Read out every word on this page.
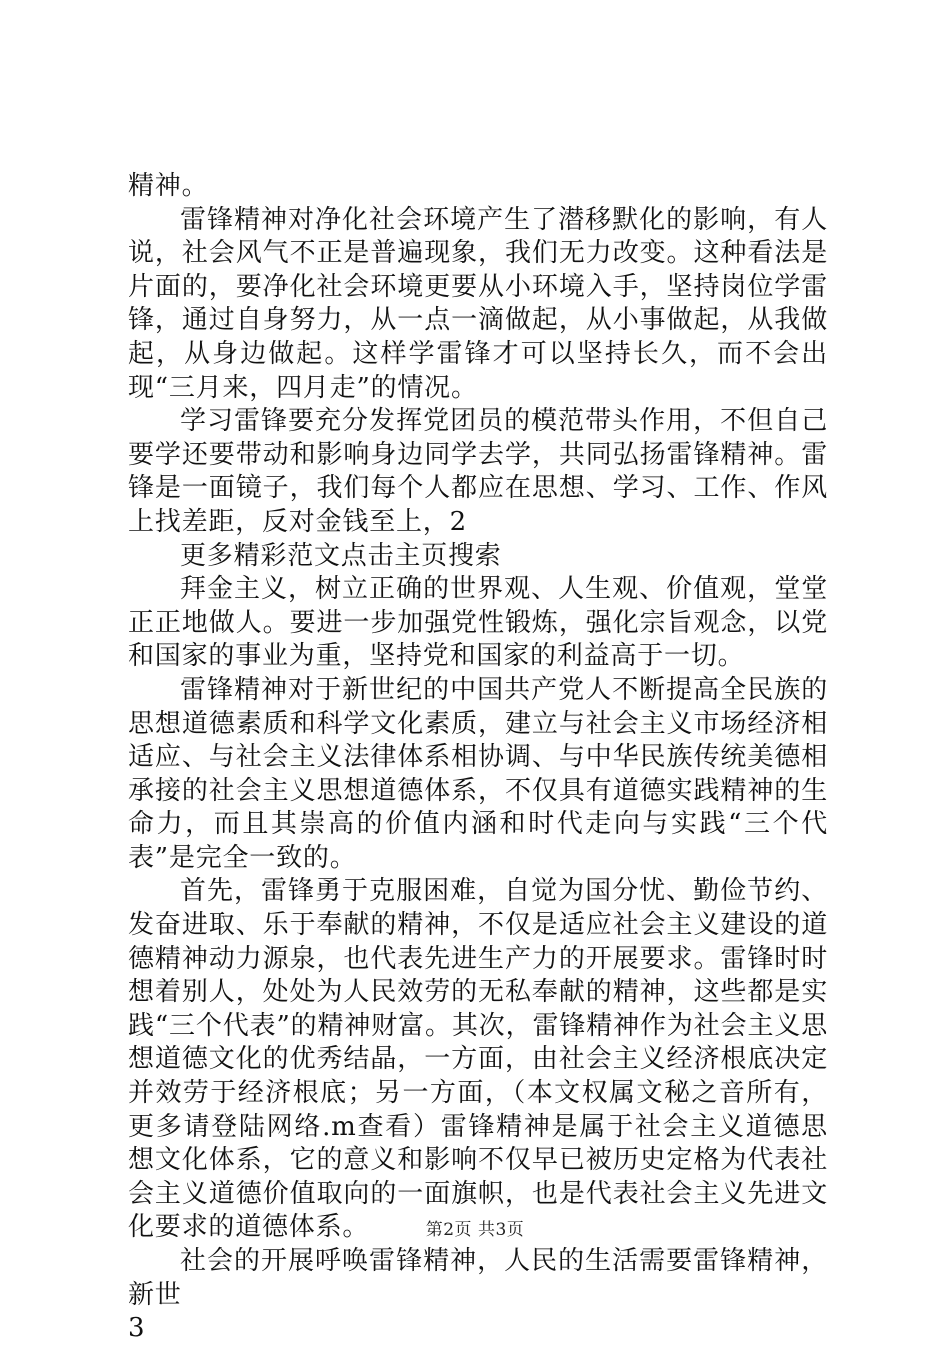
精神。

雷锋精神对净化社会环境产生了潜移默化的影响，有人说，社会风气不正是普遍现象，我们无力改变。这种看法是片面的，要净化社会环境更要从小环境入手，坚持岗位学雷锋，通过自身努力，从一点一滴做起，从小事做起，从我做起，从身边做起。这样学雷锋才可以坚持长久，而不会出现“三月来，四月走”的情况。

学习雷锋要充分发挥党团员的模范带头作用，不但自己要学还要带动和影响身边同学去学，共同弘扬雷锋精神。雷锋是一面镜子，我们每个人都应在思想、学习、工作、作风上找差距，反对金钱至上，2

更多精彩范文点击主页搜索

拜金主义，树立正确的世界观、人生观、价值观，堂堂正正地做人。要进一步加强党性锻炼，强化宗旨观念，以党和国家的事业为重，坚持党和国家的利益高于一切。

雷锋精神对于新世纪的中国共产党人不断提高全民族的思想道德素质和科学文化素质，建立与社会主义市场经济相适应、与社会主义法律体系相协调、与中华民族传统美德相承接的社会主义思想道德体系，不仅具有道德实践精神的生命力，而且其崇高的价值内涵和时代走向与实践“三个代表”是完全一致的。

首先，雷锋勇于克服困难，自觉为国分忧、勤俭节约、发奋进取、乐于奉献的精神，不仅是适应社会主义建设的道德精神动力源泉，也代表先进生产力的开展要求。雷锋时时想着别人，处处为人民效劳的无私奉献的精神，这些都是实践“三个代表”的精神财富。其次，雷锋精神作为社会主义思想道德文化的优秀结晶，一方面，由社会主义经济根底决定并效劳于经济根底；另一方面，（本文权属文秘之音所有，更多请登陆网络.m查看）雷锋精神是属于社会主义道德思想文化体系，它的意义和影响不仅早已被历史定格为代表社会主义道德价值取向的一面旗帜，也是代表社会主义先进文化要求的道德体系。

社会的开展呼唤雷锋精神，人民的生活需要雷锋精神，新世

3

第2页 共3页
